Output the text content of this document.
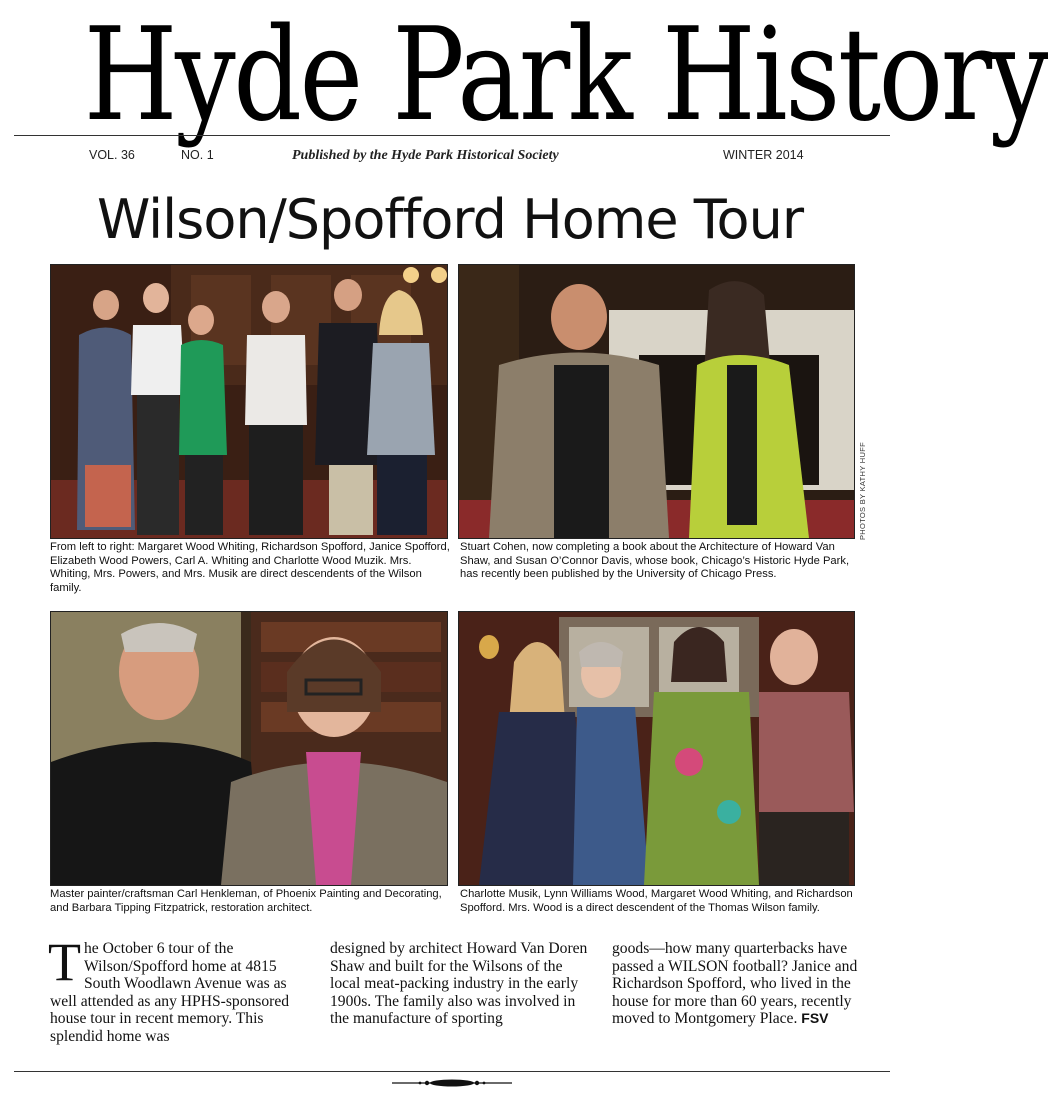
Hyde Park History
VOL. 36	NO. 1	Published by the Hyde Park Historical Society	WINTER 2014
Wilson/Spofford Home Tour
PHOTOS BY KATHY HUFF
From left to right: Margaret Wood Whiting, Richardson Spofford, Janice Spofford, Elizabeth Wood Powers, Carl A. Whiting and Charlotte Wood Muzik. Mrs. Whiting, Mrs. Powers, and Mrs. Musik are direct descendents of the Wilson family.
Stuart Cohen, now completing a book about the Architecture of Howard Van Shaw, and Susan O’Connor Davis, whose book, Chicago’s Historic Hyde Park, has recently been published by the University of Chicago Press.
Master painter/craftsman Carl Henkleman, of Phoenix Painting and Decorating, and Barbara Tipping Fitzpatrick, restoration architect.
Charlotte Musik, Lynn Williams Wood, Margaret Wood Whiting, and Richardson Spofford. Mrs. Wood is a direct descendent of the Thomas Wilson family.
The October 6 tour of the Wilson/Spofford home at 4815 South Woodlawn Avenue was as well attended as any HPHS-sponsored house tour in recent memory. This splendid home was
designed by architect Howard Van Doren Shaw and built for the Wilsons of the local meat-packing industry in the early 1900s. The family also was involved in the manufacture of sporting
goods—how many quarterbacks have passed a WILSON football? Janice and Richardson Spofford, who lived in the house for more than 60 years, recently moved to Montgomery Place. FSV
